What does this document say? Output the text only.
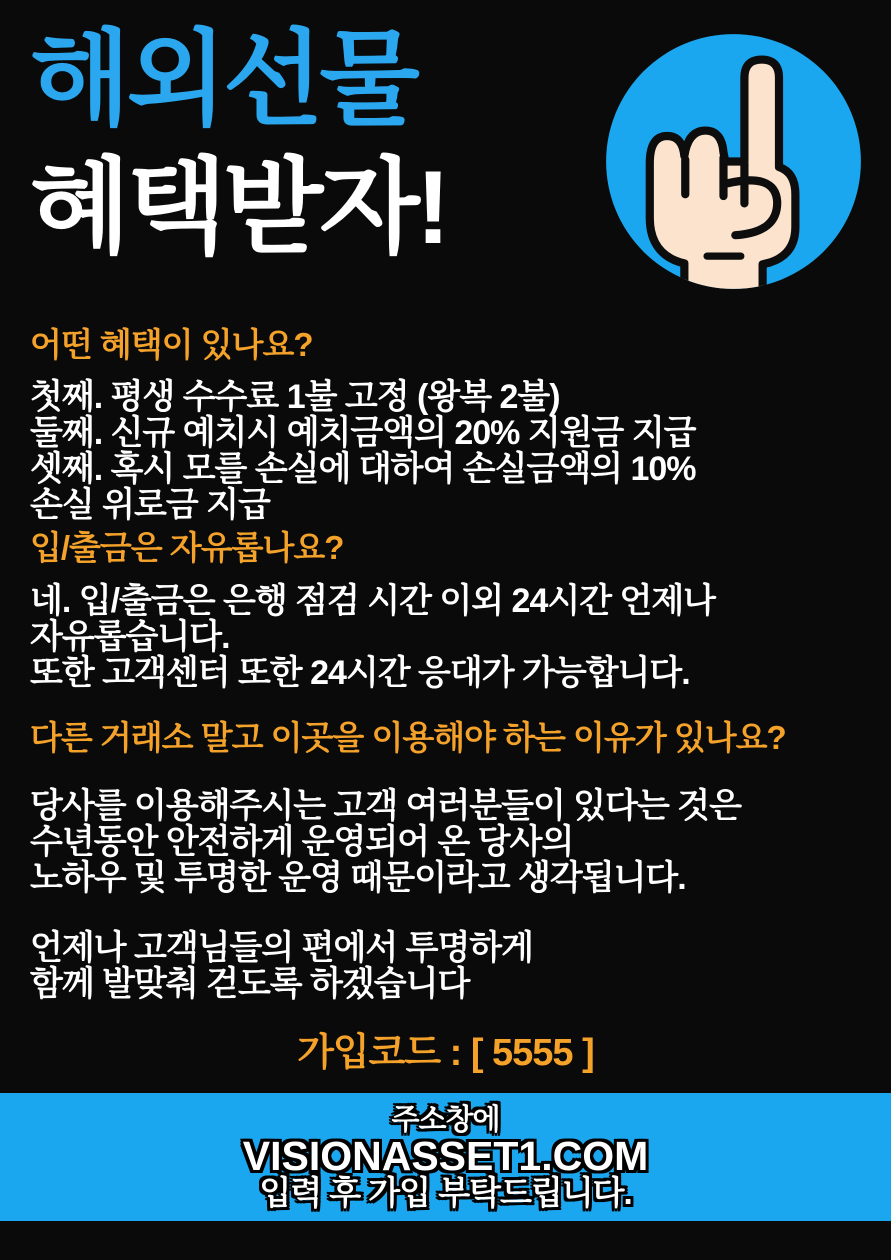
해외선물
혜택받자!
어떤 혜택이 있나요?
첫째. 평생 수수료 1불 고정 (왕복 2불)
둘째. 신규 예치시 예치금액의 20% 지원금 지급
셋째. 혹시 모를 손실에 대하여 손실금액의 10%
손실 위로금 지급
입/출금은 자유롭나요?
네. 입/출금은 은행 점검 시간 이외 24시간 언제나
자유롭습니다.
또한 고객센터 또한 24시간 응대가 가능합니다.
다른 거래소 말고 이곳을 이용해야 하는 이유가 있나요?
당사를 이용해주시는 고객 여러분들이 있다는 것은
수년동안 안전하게 운영되어 온 당사의
노하우 및 투명한 운영 때문이라고 생각됩니다.
언제나 고객님들의 편에서 투명하게
함께 발맞춰 걷도록 하겠습니다
가입코드 : [ 5555 ]
주소창에
VISIONASSET1.COM
입력 후 가입 부탁드립니다.
